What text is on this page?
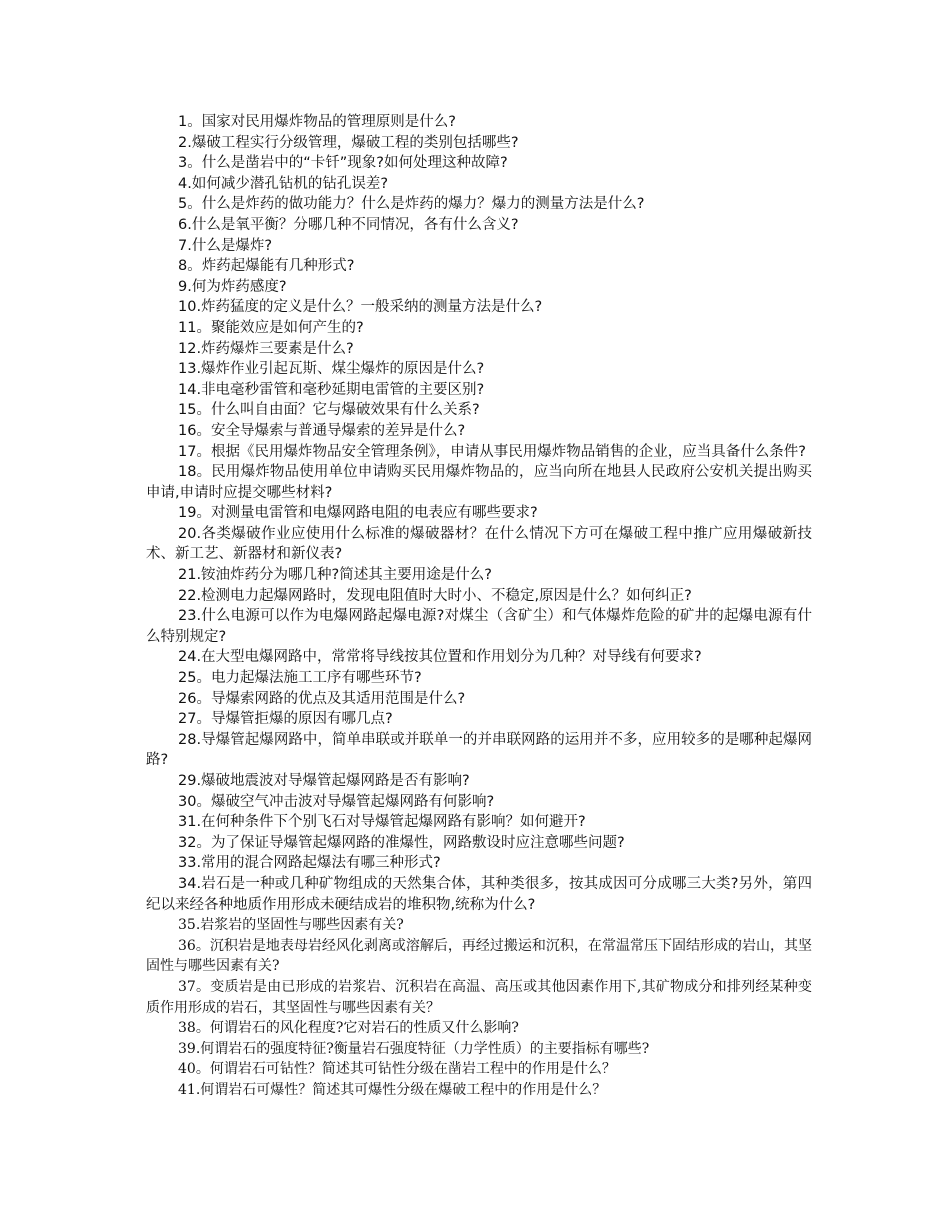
1。国家对民用爆炸物品的管理原则是什么?

2.爆破工程实行分级管理，爆破工程的类别包括哪些?

3。什么是凿岩中的“卡钎”现象?如何处理这种故障?

4.如何减少潜孔钻机的钻孔误差?

5。什么是炸药的做功能力？什么是炸药的爆力？爆力的测量方法是什么?

6.什么是氧平衡？分哪几种不同情况，各有什么含义?

7.什么是爆炸?

8。炸药起爆能有几种形式?

9.何为炸药感度?

10.炸药猛度的定义是什么？一般采纳的测量方法是什么?

11。聚能效应是如何产生的?

12.炸药爆炸三要素是什么?

13.爆炸作业引起瓦斯、煤尘爆炸的原因是什么?

14.非电毫秒雷管和毫秒延期电雷管的主要区别?

15。什么叫自由面？它与爆破效果有什么关系?

16。安全导爆索与普通导爆索的差异是什么?

17。根据《民用爆炸物品安全管理条例》，申请从事民用爆炸物品销售的企业，应当具备什么条件?

18。民用爆炸物品使用单位申请购买民用爆炸物品的，应当向所在地县人民政府公安机关提出购买申请,申请时应提交哪些材料?

19。对测量电雷管和电爆网路电阻的电表应有哪些要求?

20.各类爆破作业应使用什么标准的爆破器材？在什么情况下方可在爆破工程中推广应用爆破新技术、新工艺、新器材和新仪表?

21.铵油炸药分为哪几种?简述其主要用途是什么?

22.检测电力起爆网路时，发现电阻值时大时小、不稳定,原因是什么？如何纠正?

23.什么电源可以作为电爆网路起爆电源?对煤尘（含矿尘）和气体爆炸危险的矿井的起爆电源有什么特别规定?

24.在大型电爆网路中，常常将导线按其位置和作用划分为几种？对导线有何要求?

25。电力起爆法施工工序有哪些环节?

26。导爆索网路的优点及其适用范围是什么?

27。导爆管拒爆的原因有哪几点?

28.导爆管起爆网路中，简单串联或并联单一的并串联网路的运用并不多，应用较多的是哪种起爆网路?

29.爆破地震波对导爆管起爆网路是否有影响?

30。爆破空气冲击波对导爆管起爆网路有何影响?

31.在何种条件下个别飞石对导爆管起爆网路有影响？如何避开?

32。为了保证导爆管起爆网路的准爆性，网路敷设时应注意哪些问题?

33.常用的混合网路起爆法有哪三种形式?

34.岩石是一种或几种矿物组成的天然集合体，其种类很多，按其成因可分成哪三大类?另外，第四纪以来经各种地质作用形成未硬结成岩的堆积物,统称为什么?

35.岩浆岩的坚固性与哪些因素有关?

36。沉积岩是地表母岩经风化剥离或溶解后，再经过搬运和沉积，在常温常压下固结形成的岩山，其坚固性与哪些因素有关?

37。变质岩是由已形成的岩浆岩、沉积岩在高温、高压或其他因素作用下,其矿物成分和排列经某种变质作用形成的岩石，其坚固性与哪些因素有关？

38。何谓岩石的风化程度?它对岩石的性质又什么影响?

39.何谓岩石的强度特征?衡量岩石强度特征（力学性质）的主要指标有哪些?

40。何谓岩石可钻性？简述其可钻性分级在凿岩工程中的作用是什么？

41.何谓岩石可爆性？简述其可爆性分级在爆破工程中的作用是什么？
